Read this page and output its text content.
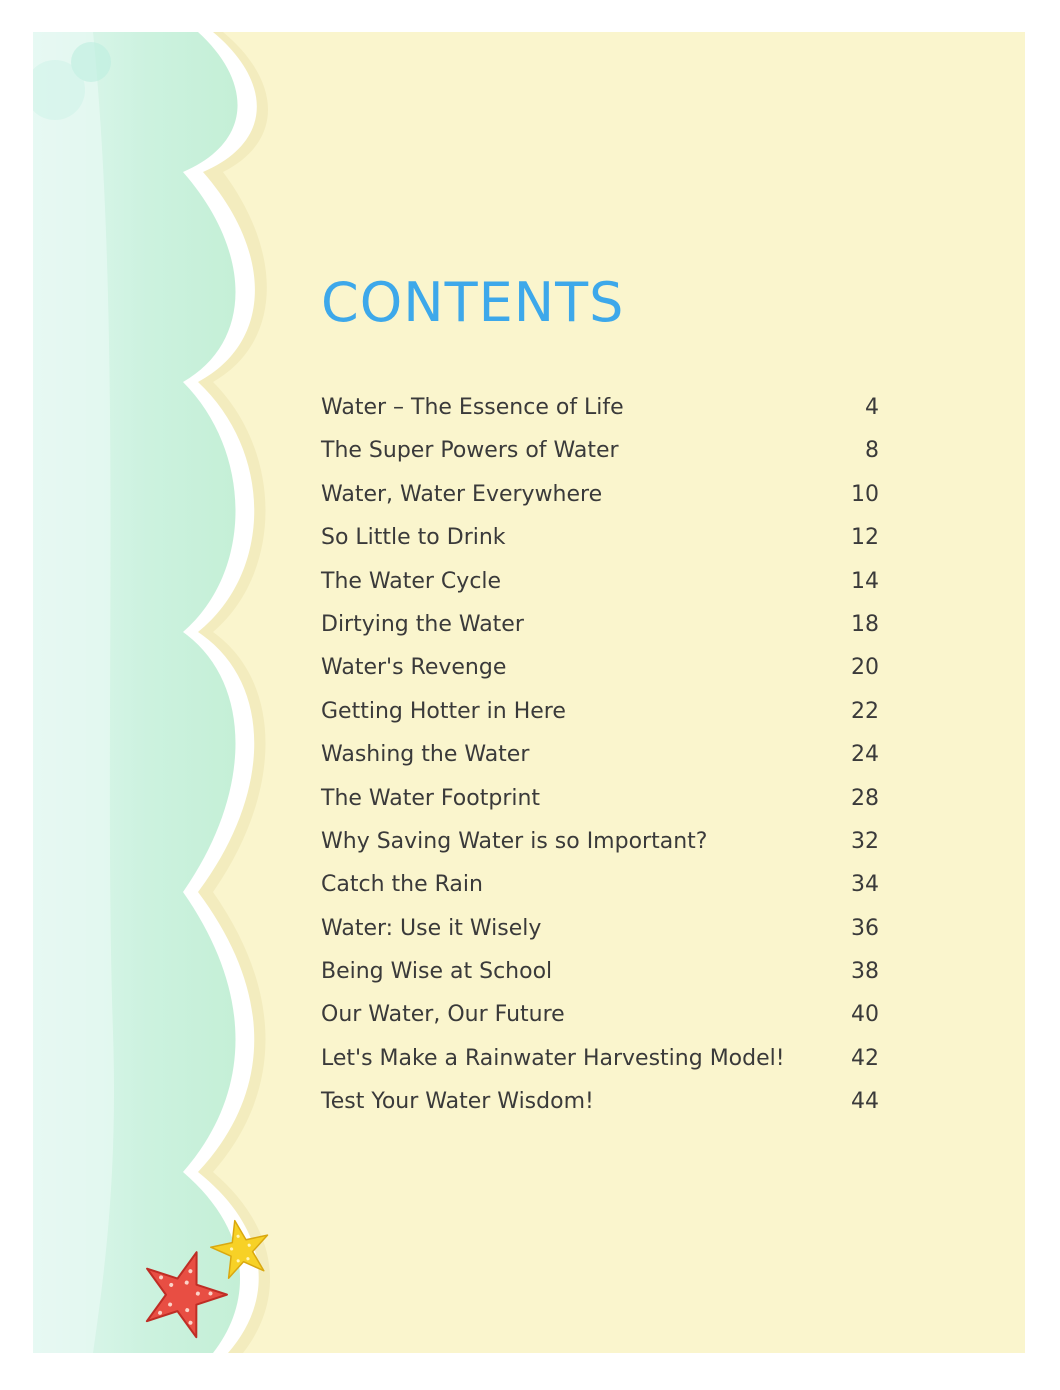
CONTENTS
Water – The Essence of Life	4
The Super Powers of Water	8
Water, Water Everywhere	10
So Little to Drink	12
The Water Cycle	14
Dirtying the Water	18
Water's Revenge	20
Getting Hotter in Here	22
Washing the Water	24
The Water Footprint	28
Why Saving Water is so Important?	32
Catch the Rain	34
Water: Use it Wisely	36
Being Wise at School	38
Our Water, Our Future	40
Let's Make a Rainwater Harvesting Model!	42
Test Your Water Wisdom!	44
